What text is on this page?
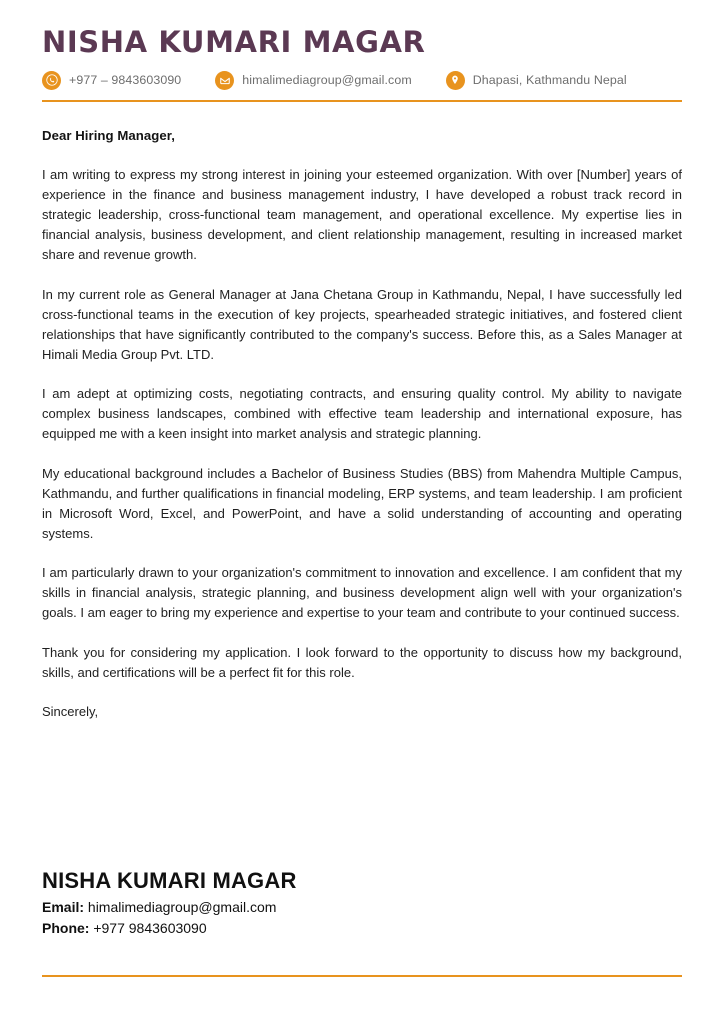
NISHA KUMARI MAGAR
+977 – 9843603090	himalimediagroup@gmail.com	Dhapasi, Kathmandu Nepal

Dear Hiring Manager,

I am writing to express my strong interest in joining your esteemed organization. With over [Number] years of experience in the finance and business management industry, I have developed a robust track record in strategic leadership, cross-functional team management, and operational excellence. My expertise lies in financial analysis, business development, and client relationship management, resulting in increased market share and revenue growth.

In my current role as General Manager at Jana Chetana Group in Kathmandu, Nepal, I have successfully led cross-functional teams in the execution of key projects, spearheaded strategic initiatives, and fostered client relationships that have significantly contributed to the company's success. Before this, as a Sales Manager at Himali Media Group Pvt. LTD.

I am adept at optimizing costs, negotiating contracts, and ensuring quality control. My ability to navigate complex business landscapes, combined with effective team leadership and international exposure, has equipped me with a keen insight into market analysis and strategic planning.

My educational background includes a Bachelor of Business Studies (BBS) from Mahendra Multiple Campus, Kathmandu, and further qualifications in financial modeling, ERP systems, and team leadership. I am proficient in Microsoft Word, Excel, and PowerPoint, and have a solid understanding of accounting and operating systems.

I am particularly drawn to your organization's commitment to innovation and excellence. I am confident that my skills in financial analysis, strategic planning, and business development align well with your organization's goals. I am eager to bring my experience and expertise to your team and contribute to your continued success.

Thank you for considering my application. I look forward to the opportunity to discuss how my background, skills, and certifications will be a perfect fit for this role.

Sincerely,

NISHA KUMARI MAGAR
Email: himalimediagroup@gmail.com
Phone: +977 9843603090
